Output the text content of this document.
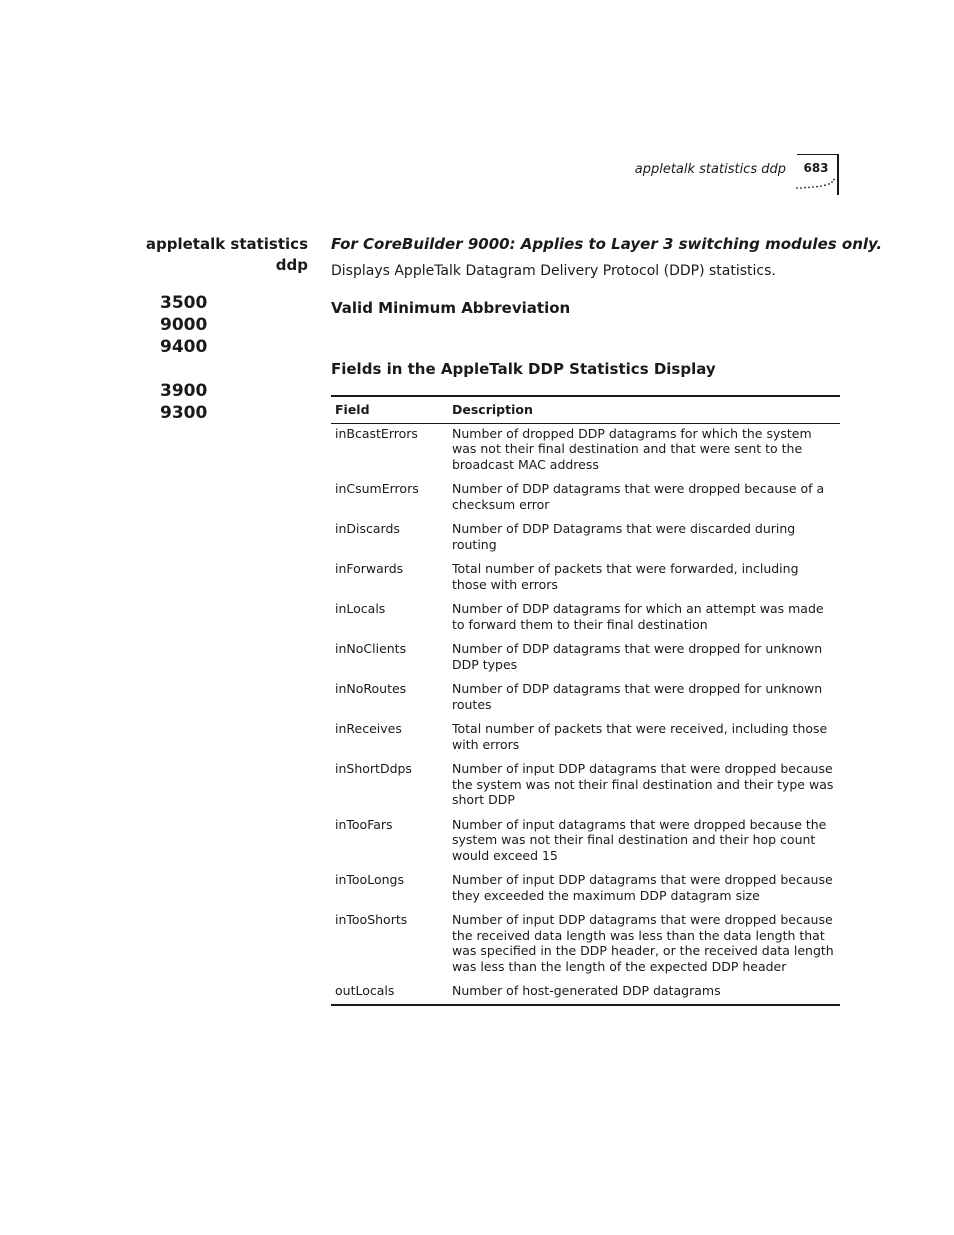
appletalk statistics ddp	683
appletalk statistics
ddp
3500
9000
9400
3900
9300
For CoreBuilder 9000: Applies to Layer 3 switching modules only.
Displays AppleTalk Datagram Delivery Protocol (DDP) statistics.
Valid Minimum Abbreviation
Fields in the AppleTalk DDP Statistics Display
Field	Description
inBcastErrors	Number of dropped DDP datagrams for which the system was not their final destination and that were sent to the broadcast MAC address
inCsumErrors	Number of DDP datagrams that were dropped because of a checksum error
inDiscards	Number of DDP Datagrams that were discarded during routing
inForwards	Total number of packets that were forwarded, including those with errors
inLocals	Number of DDP datagrams for which an attempt was made to forward them to their final destination
inNoClients	Number of DDP datagrams that were dropped for unknown DDP types
inNoRoutes	Number of DDP datagrams that were dropped for unknown routes
inReceives	Total number of packets that were received, including those with errors
inShortDdps	Number of input DDP datagrams that were dropped because the system was not their final destination and their type was short DDP
inTooFars	Number of input datagrams that were dropped because the system was not their final destination and their hop count would exceed 15
inTooLongs	Number of input DDP datagrams that were dropped because they exceeded the maximum DDP datagram size
inTooShorts	Number of input DDP datagrams that were dropped because the received data length was less than the data length that was specified in the DDP header, or the received data length was less than the length of the expected DDP header
outLocals	Number of host-generated DDP datagrams
